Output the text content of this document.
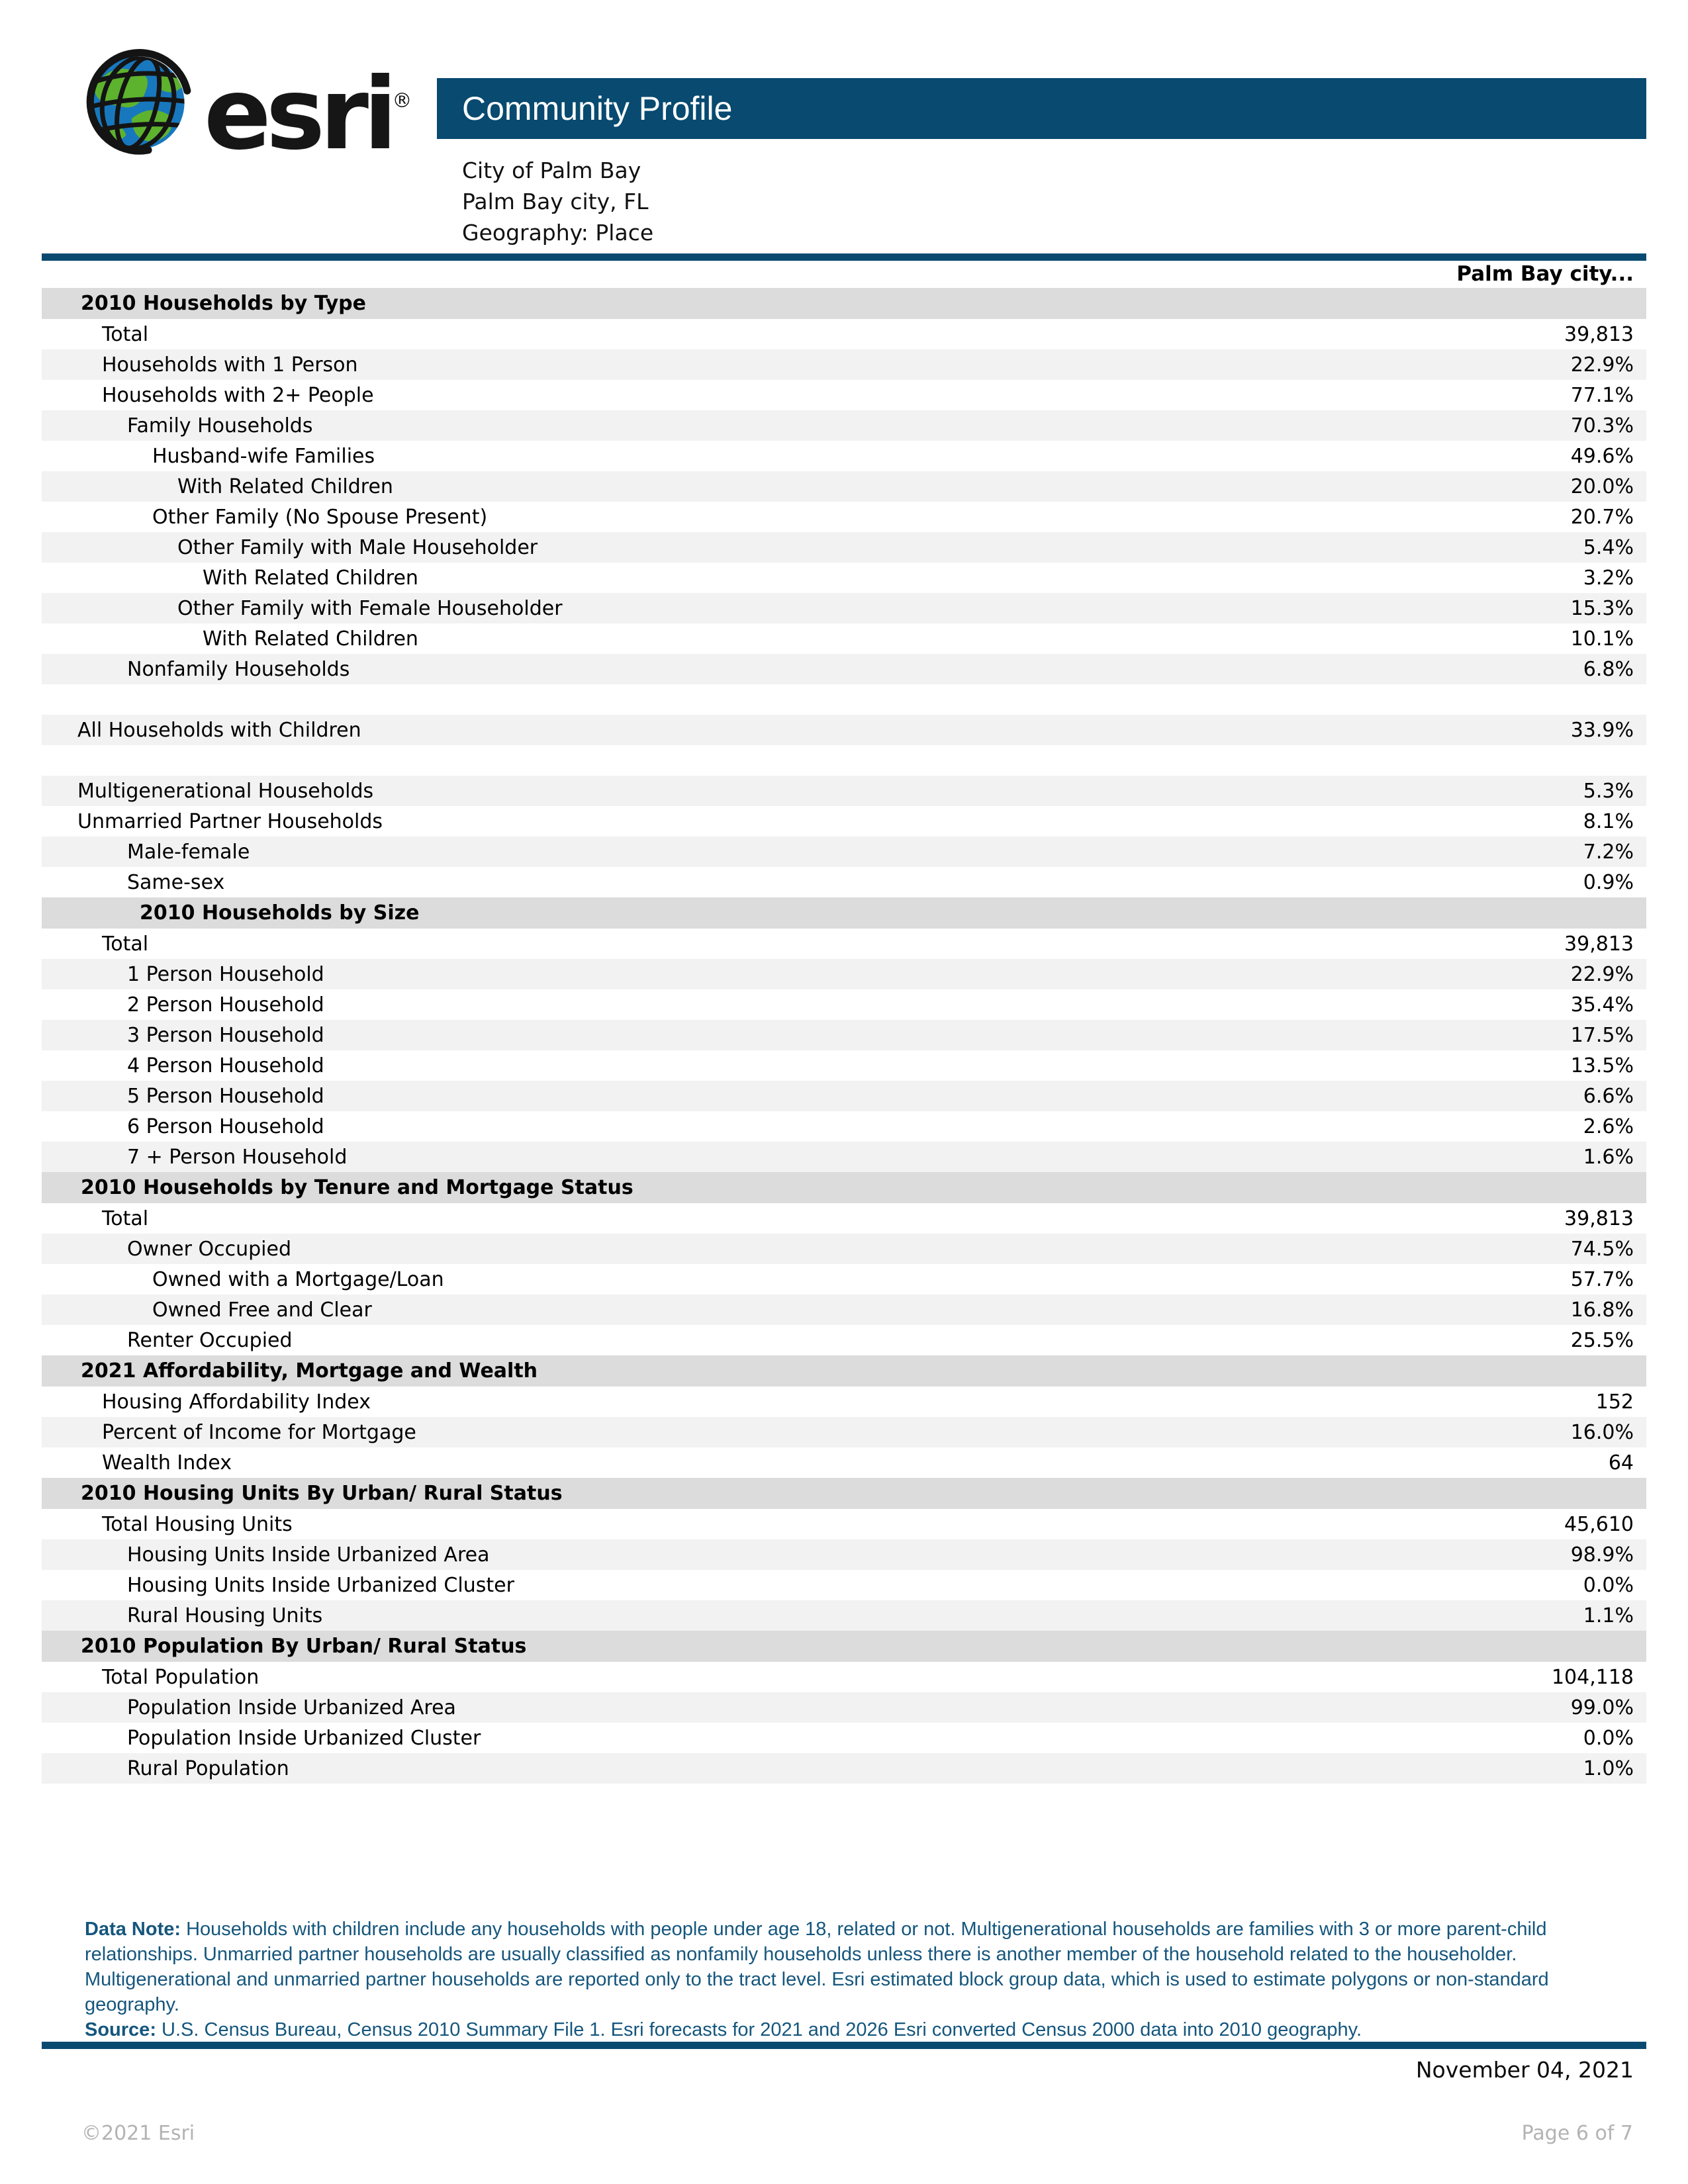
esri®	Community Profile
City of Palm Bay
Palm Bay city, FL
Geography: Place
Palm Bay city...
2010 Households by Type
Total	39,813
Households with 1 Person	22.9%
Households with 2+ People	77.1%
Family Households	70.3%
Husband-wife Families	49.6%
With Related Children	20.0%
Other Family (No Spouse Present)	20.7%
Other Family with Male Householder	5.4%
With Related Children	3.2%
Other Family with Female Householder	15.3%
With Related Children	10.1%
Nonfamily Households	6.8%
All Households with Children	33.9%
Multigenerational Households	5.3%
Unmarried Partner Households	8.1%
Male-female	7.2%
Same-sex	0.9%
2010 Households by Size
Total	39,813
1 Person Household	22.9%
2 Person Household	35.4%
3 Person Household	17.5%
4 Person Household	13.5%
5 Person Household	6.6%
6 Person Household	2.6%
7 + Person Household	1.6%
2010 Households by Tenure and Mortgage Status
Total	39,813
Owner Occupied	74.5%
Owned with a Mortgage/Loan	57.7%
Owned Free and Clear	16.8%
Renter Occupied	25.5%
2021 Affordability, Mortgage and Wealth
Housing Affordability Index	152
Percent of Income for Mortgage	16.0%
Wealth Index	64
2010 Housing Units By Urban/ Rural Status
Total Housing Units	45,610
Housing Units Inside Urbanized Area	98.9%
Housing Units Inside Urbanized Cluster	0.0%
Rural Housing Units	1.1%
2010 Population By Urban/ Rural Status
Total Population	104,118
Population Inside Urbanized Area	99.0%
Population Inside Urbanized Cluster	0.0%
Rural Population	1.0%
Data Note: Households with children include any households with people under age 18, related or not. Multigenerational households are families with 3 or more parent-child relationships. Unmarried partner households are usually classified as nonfamily households unless there is another member of the household related to the householder. Multigenerational and unmarried partner households are reported only to the tract level. Esri estimated block group data, which is used to estimate polygons or non-standard geography.
Source: U.S. Census Bureau, Census 2010 Summary File 1. Esri forecasts for 2021 and 2026 Esri converted Census 2000 data into 2010 geography.
November 04, 2021
©2021 Esri	Page 6 of 7
